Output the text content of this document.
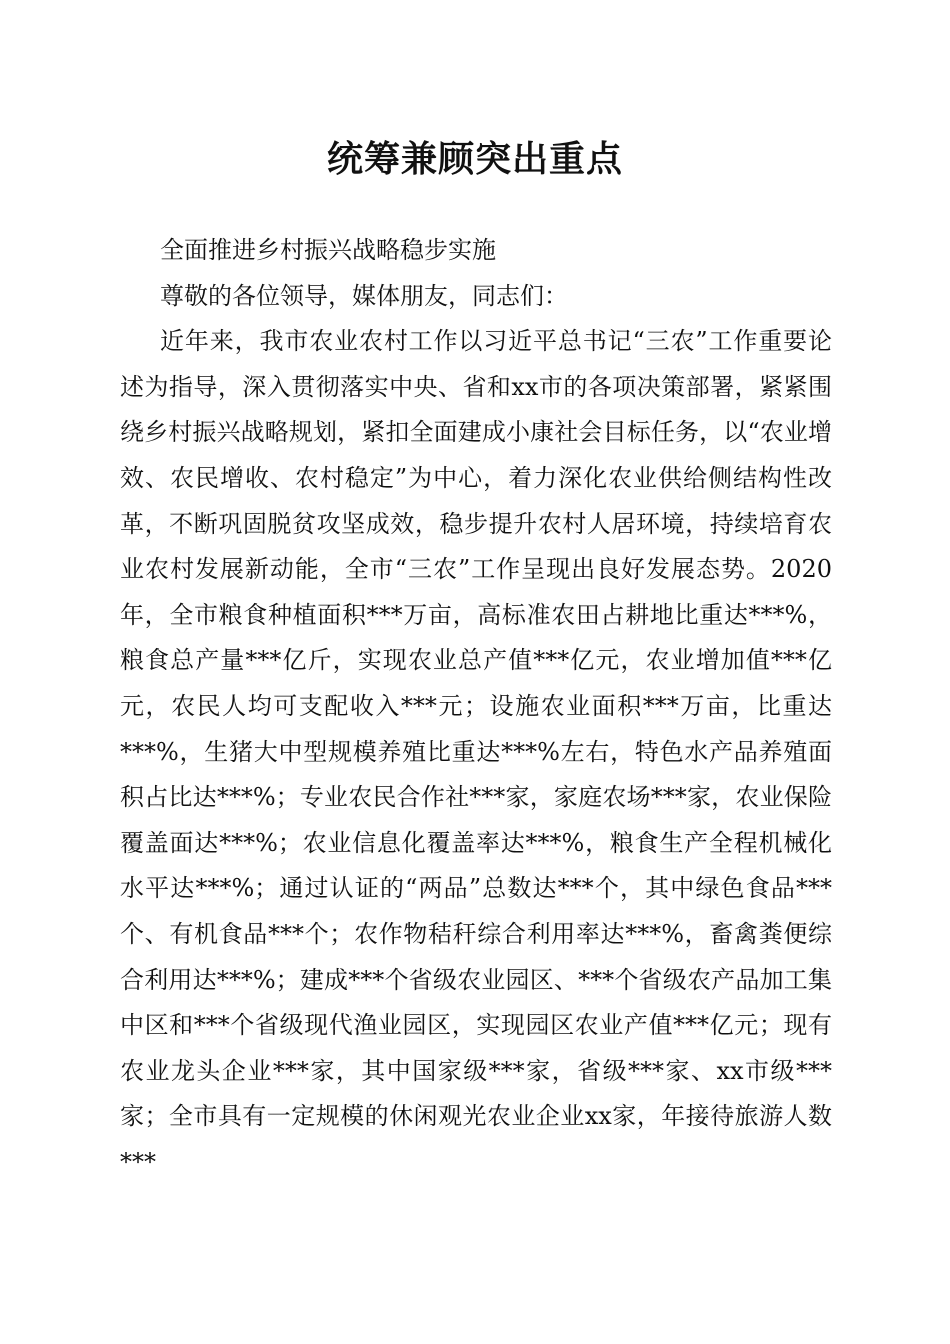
统筹兼顾突出重点

全面推进乡村振兴战略稳步实施

尊敬的各位领导，媒体朋友，同志们：

近年来，我市农业农村工作以习近平总书记“三农”工作重要论述为指导，深入贯彻落实中央、省和xx市的各项决策部署，紧紧围绕乡村振兴战略规划，紧扣全面建成小康社会目标任务，以“农业增效、农民增收、农村稳定”为中心，着力深化农业供给侧结构性改革，不断巩固脱贫攻坚成效，稳步提升农村人居环境，持续培育农业农村发展新动能，全市“三农”工作呈现出良好发展态势。2020年，全市粮食种植面积***万亩，高标准农田占耕地比重达***%，粮食总产量***亿斤，实现农业总产值***亿元，农业增加值***亿元，农民人均可支配收入***元；设施农业面积***万亩，比重达***%，生猪大中型规模养殖比重达***%左右，特色水产品养殖面积占比达***%；专业农民合作社***家，家庭农场***家，农业保险覆盖面达***%；农业信息化覆盖率达***%，粮食生产全程机械化水平达***%；通过认证的“两品”总数达***个，其中绿色食品***个、有机食品***个；农作物秸秆综合利用率达***%，畜禽粪便综合利用达***%；建成***个省级农业园区、***个省级农产品加工集中区和***个省级现代渔业园区，实现园区农业产值***亿元；现有农业龙头企业***家，其中国家级***家，省级***家、xx市级***家；全市具有一定规模的休闲观光农业企业xx家，年接待旅游人数***
